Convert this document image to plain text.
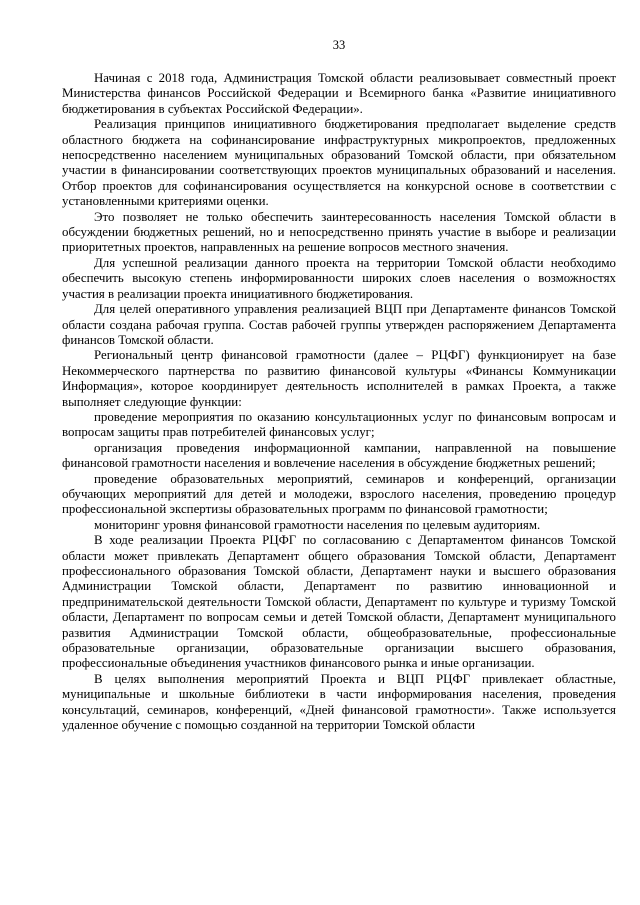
33

Начиная с 2018 года, Администрация Томской области реализовывает совместный проект Министерства финансов Российской Федерации и Всемирного банка «Развитие инициативного бюджетирования в субъектах Российской Федерации».

Реализация принципов инициативного бюджетирования предполагает выделение средств областного бюджета на софинансирование инфраструктурных микропроектов, предложенных непосредственно населением муниципальных образований Томской области, при обязательном участии в финансировании соответствующих проектов муниципальных образований и населения. Отбор проектов для софинансирования осуществляется на конкурсной основе в соответствии с установленными критериями оценки.

Это позволяет не только обеспечить заинтересованность населения Томской области в обсуждении бюджетных решений, но и непосредственно принять участие в выборе и реализации приоритетных проектов, направленных на решение вопросов местного значения.

Для успешной реализации данного проекта на территории Томской области необходимо обеспечить высокую степень информированности широких слоев населения о возможностях участия в реализации проекта инициативного бюджетирования.

Для целей оперативного управления реализацией ВЦП при Департаменте финансов Томской области создана рабочая группа. Состав рабочей группы утвержден распоряжением Департамента финансов Томской области.

Региональный центр финансовой грамотности (далее – РЦФГ) функционирует на базе Некоммерческого партнерства по развитию финансовой культуры «Финансы Коммуникации Информация», которое координирует деятельность исполнителей в рамках Проекта, а также выполняет следующие функции:

проведение мероприятия по оказанию консультационных услуг по финансовым вопросам и вопросам защиты прав потребителей финансовых услуг;

организация проведения информационной кампании, направленной на повышение финансовой грамотности населения и вовлечение населения в обсуждение бюджетных решений;

проведение образовательных мероприятий, семинаров и конференций, организации обучающих мероприятий для детей и молодежи, взрослого населения, проведению процедур профессиональной экспертизы образовательных программ по финансовой грамотности;

мониторинг уровня финансовой грамотности населения по целевым аудиториям.

В ходе реализации Проекта РЦФГ по согласованию с Департаментом финансов Томской области может привлекать Департамент общего образования Томской области, Департамент профессионального образования Томской области, Департамент науки и высшего образования Администрации Томской области, Департамент по развитию инновационной и предпринимательской деятельности Томской области, Департамент по культуре и туризму Томской области, Департамент по вопросам семьи и детей Томской области, Департамент муниципального развития Администрации Томской области, общеобразовательные, профессиональные образовательные организации, образовательные организации высшего образования, профессиональные объединения участников финансового рынка и иные организации.

В целях выполнения мероприятий Проекта и ВЦП РЦФГ привлекает областные, муниципальные и школьные библиотеки в части информирования населения, проведения консультаций, семинаров, конференций, «Дней финансовой грамотности». Также используется удаленное обучение с помощью созданной на территории Томской области
